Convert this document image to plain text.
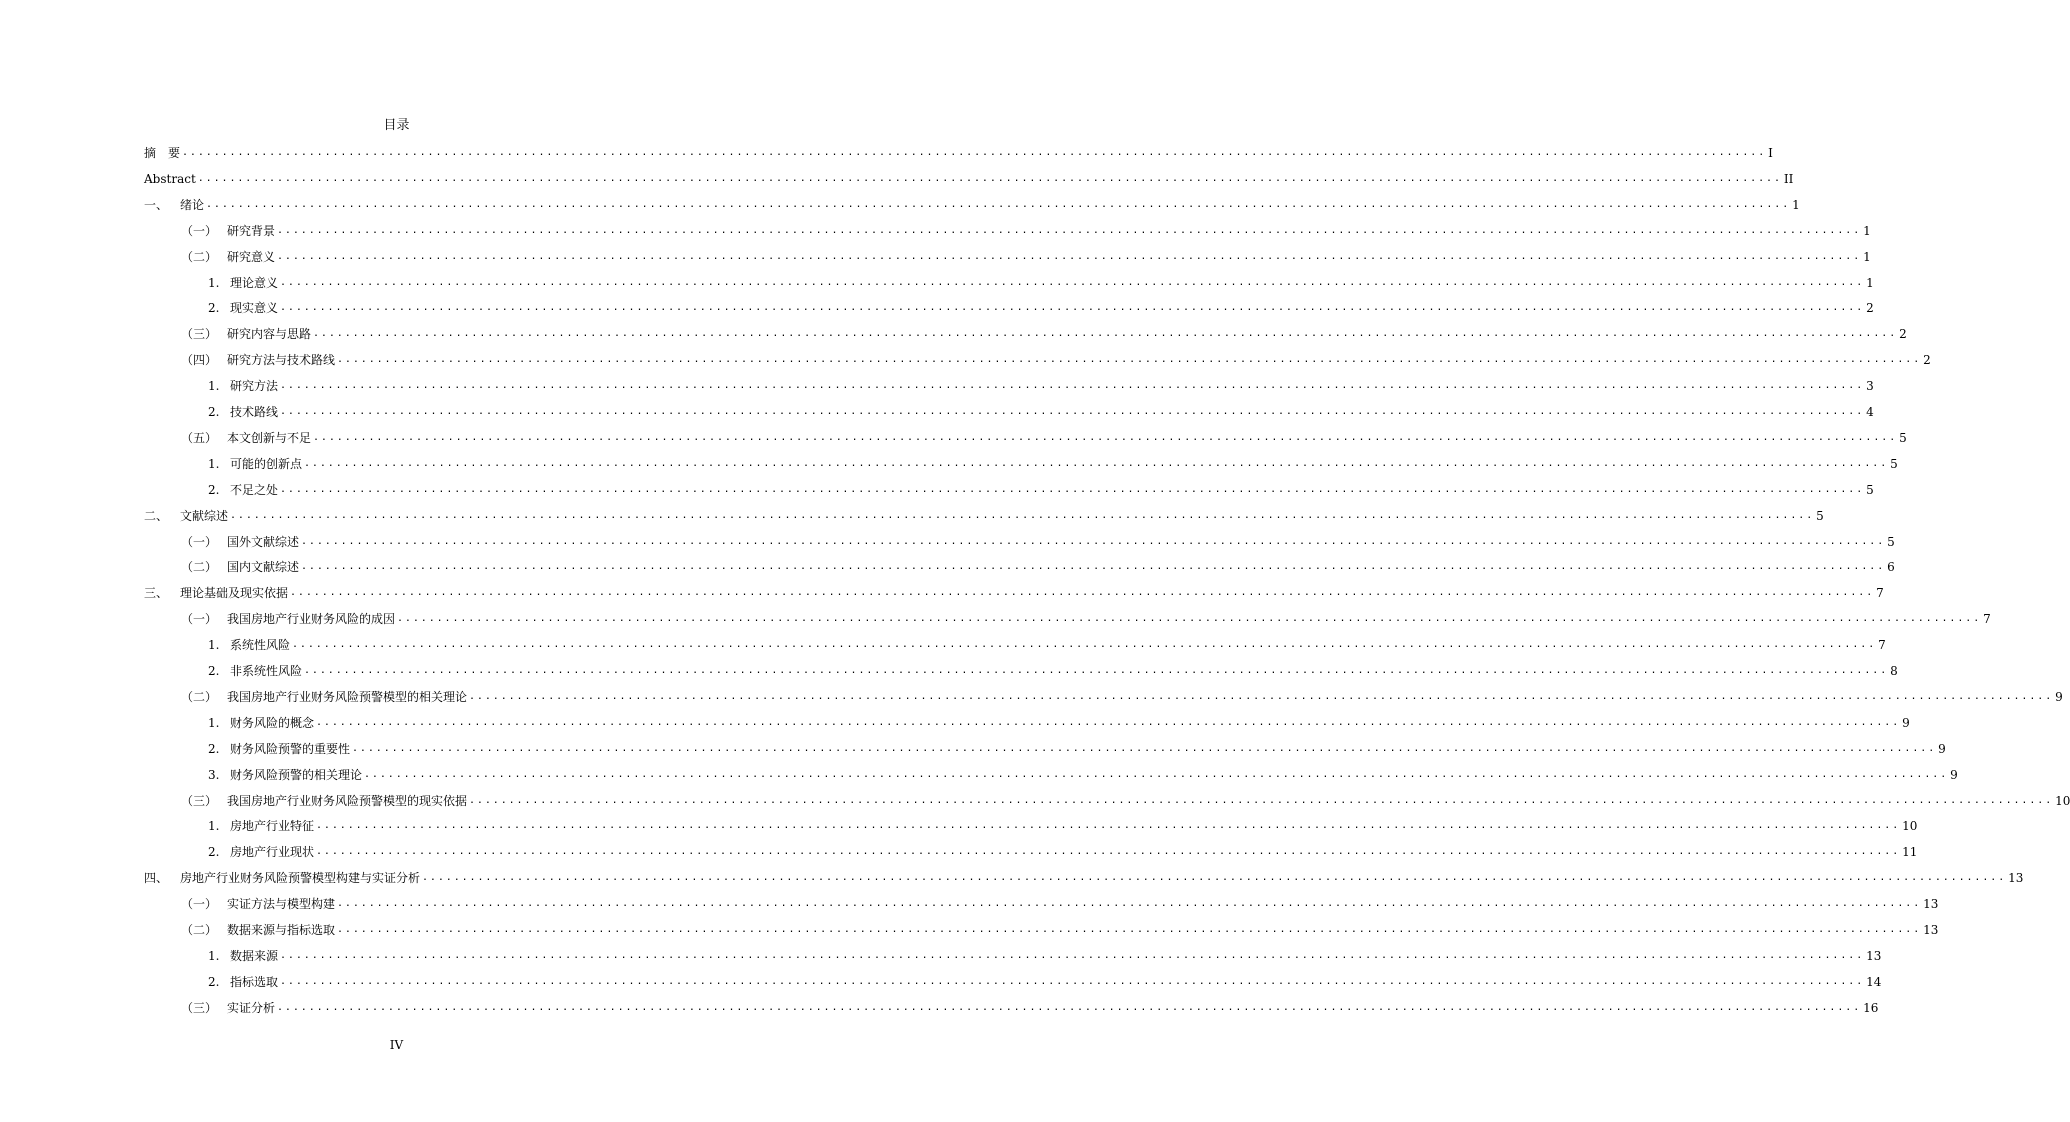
目录
摘　要 ........................................................................................................................................................................................................ I
Abstract ........................................................................................................................................................................................................ II
一、 绪论 ........................................................................................................................................................................................................ 1
（一） 研究背景 ........................................................................................................................................................................................................ 1
（二） 研究意义 ........................................................................................................................................................................................................ 1
1. 理论意义 ........................................................................................................................................................................................................ 1
2. 现实意义 ........................................................................................................................................................................................................ 2
（三） 研究内容与思路 ........................................................................................................................................................................................................ 2
（四） 研究方法与技术路线 ........................................................................................................................................................................................................ 2
1. 研究方法 ........................................................................................................................................................................................................ 3
2. 技术路线 ........................................................................................................................................................................................................ 4
（五） 本文创新与不足 ........................................................................................................................................................................................................ 5
1. 可能的创新点 ........................................................................................................................................................................................................ 5
2. 不足之处 ........................................................................................................................................................................................................ 5
二、 文献综述 ........................................................................................................................................................................................................ 5
（一） 国外文献综述 ........................................................................................................................................................................................................ 5
（二） 国内文献综述 ........................................................................................................................................................................................................ 6
三、 理论基础及现实依据 ........................................................................................................................................................................................................ 7
（一） 我国房地产行业财务风险的成因 ........................................................................................................................................................................................................ 7
1. 系统性风险 ........................................................................................................................................................................................................ 7
2. 非系统性风险 ........................................................................................................................................................................................................ 8
（二） 我国房地产行业财务风险预警模型的相关理论 ........................................................................................................................................................................................................ 9
1. 财务风险的概念 ........................................................................................................................................................................................................ 9
2. 财务风险预警的重要性 ........................................................................................................................................................................................................ 9
3. 财务风险预警的相关理论 ........................................................................................................................................................................................................ 9
（三） 我国房地产行业财务风险预警模型的现实依据 ........................................................................................................................................................................................................ 10
1. 房地产行业特征 ........................................................................................................................................................................................................ 10
2. 房地产行业现状 ........................................................................................................................................................................................................ 11
四、 房地产行业财务风险预警模型构建与实证分析 ........................................................................................................................................................................................................ 13
（一） 实证方法与模型构建 ........................................................................................................................................................................................................ 13
（二） 数据来源与指标选取 ........................................................................................................................................................................................................ 13
1. 数据来源 ........................................................................................................................................................................................................ 13
2. 指标选取 ........................................................................................................................................................................................................ 14
（三） 实证分析 ........................................................................................................................................................................................................ 16
IV
